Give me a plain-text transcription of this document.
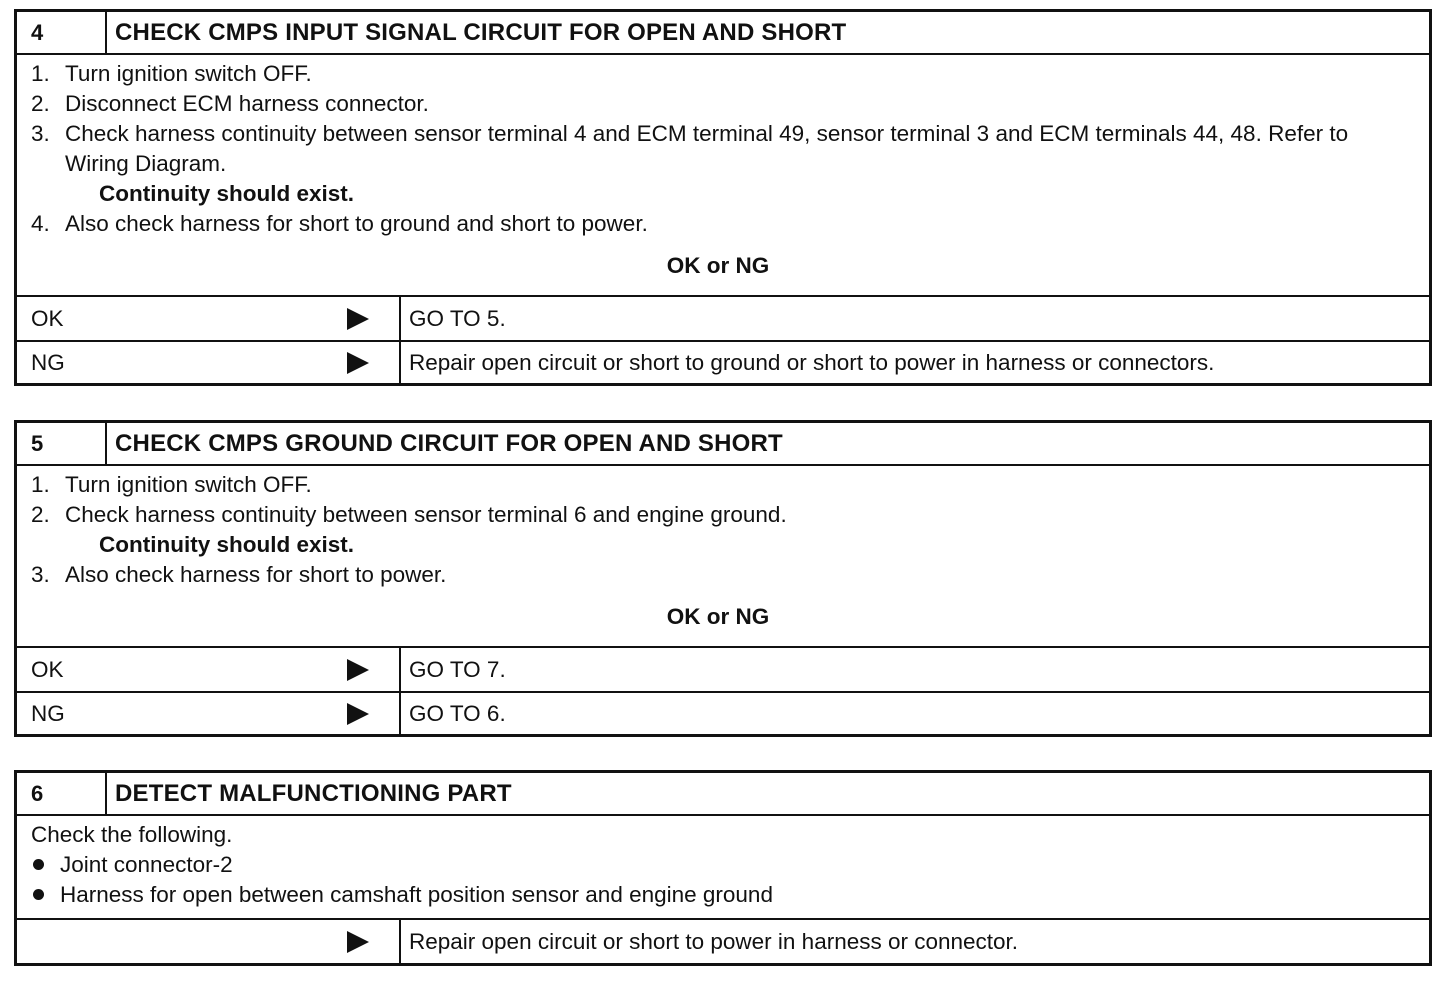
4	CHECK CMPS INPUT SIGNAL CIRCUIT FOR OPEN AND SHORT
1. Turn ignition switch OFF.
2. Disconnect ECM harness connector.
3. Check harness continuity between sensor terminal 4 and ECM terminal 49, sensor terminal 3 and ECM terminals 44, 48. Refer to Wiring Diagram.
Continuity should exist.
4. Also check harness for short to ground and short to power.
OK or NG
OK	GO TO 5.
NG	Repair open circuit or short to ground or short to power in harness or connectors.
5	CHECK CMPS GROUND CIRCUIT FOR OPEN AND SHORT
1. Turn ignition switch OFF.
2. Check harness continuity between sensor terminal 6 and engine ground.
Continuity should exist.
3. Also check harness for short to power.
OK or NG
OK	GO TO 7.
NG	GO TO 6.
6	DETECT MALFUNCTIONING PART
Check the following.
Joint connector-2
Harness for open between camshaft position sensor and engine ground
Repair open circuit or short to power in harness or connector.
